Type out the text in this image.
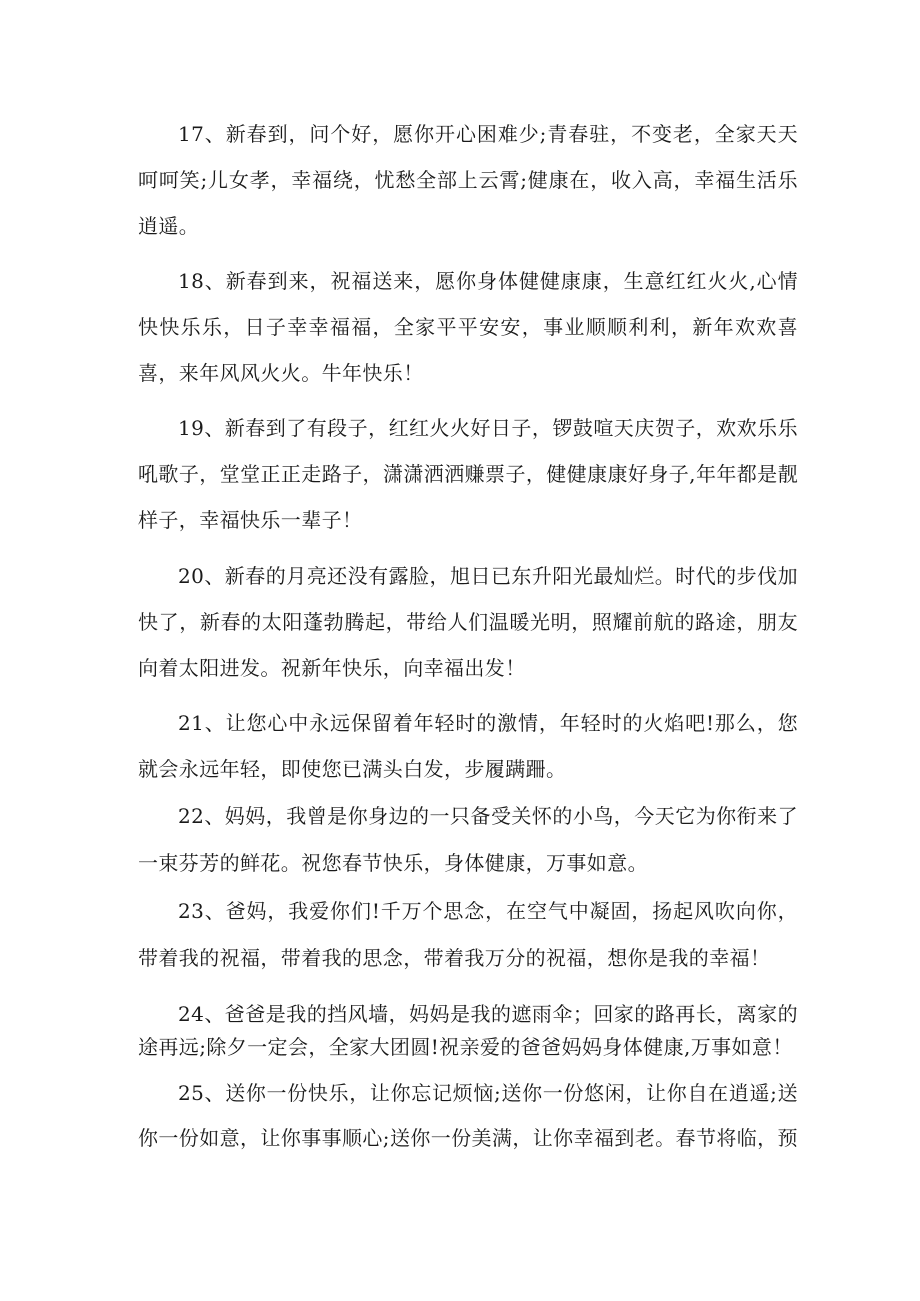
17、新春到，问个好，愿你开心困难少;青春驻，不变老，全家天天呵呵笑;儿女孝，幸福绕，忧愁全部上云霄;健康在，收入高，幸福生活乐逍遥。

18、新春到来，祝福送来，愿你身体健健康康，生意红红火火,心情快快乐乐，日子幸幸福福，全家平平安安，事业顺顺利利，新年欢欢喜喜，来年风风火火。牛年快乐！

19、新春到了有段子，红红火火好日子，锣鼓喧天庆贺子，欢欢乐乐吼歌子，堂堂正正走路子，潇潇洒洒赚票子，健健康康好身子,年年都是靓样子，幸福快乐一辈子！

20、新春的月亮还没有露脸，旭日已东升阳光最灿烂。时代的步伐加快了，新春的太阳蓬勃腾起，带给人们温暖光明，照耀前航的路途，朋友向着太阳进发。祝新年快乐，向幸福出发！

21、让您心中永远保留着年轻时的激情，年轻时的火焰吧!那么，您就会永远年轻，即使您已满头白发，步履蹒跚。

22、妈妈，我曾是你身边的一只备受关怀的小鸟，今天它为你衔来了一束芬芳的鲜花。祝您春节快乐，身体健康，万事如意。

23、爸妈，我爱你们!千万个思念，在空气中凝固，扬起风吹向你，带着我的祝福，带着我的思念，带着我万分的祝福，想你是我的幸福！

24、爸爸是我的挡风墙，妈妈是我的遮雨伞；回家的路再长，离家的途再远;除夕一定会，全家大团圆!祝亲爱的爸爸妈妈身体健康,万事如意！

25、送你一份快乐，让你忘记烦恼;送你一份悠闲，让你自在逍遥;送你一份如意，让你事事顺心;送你一份美满，让你幸福到老。春节将临，预
